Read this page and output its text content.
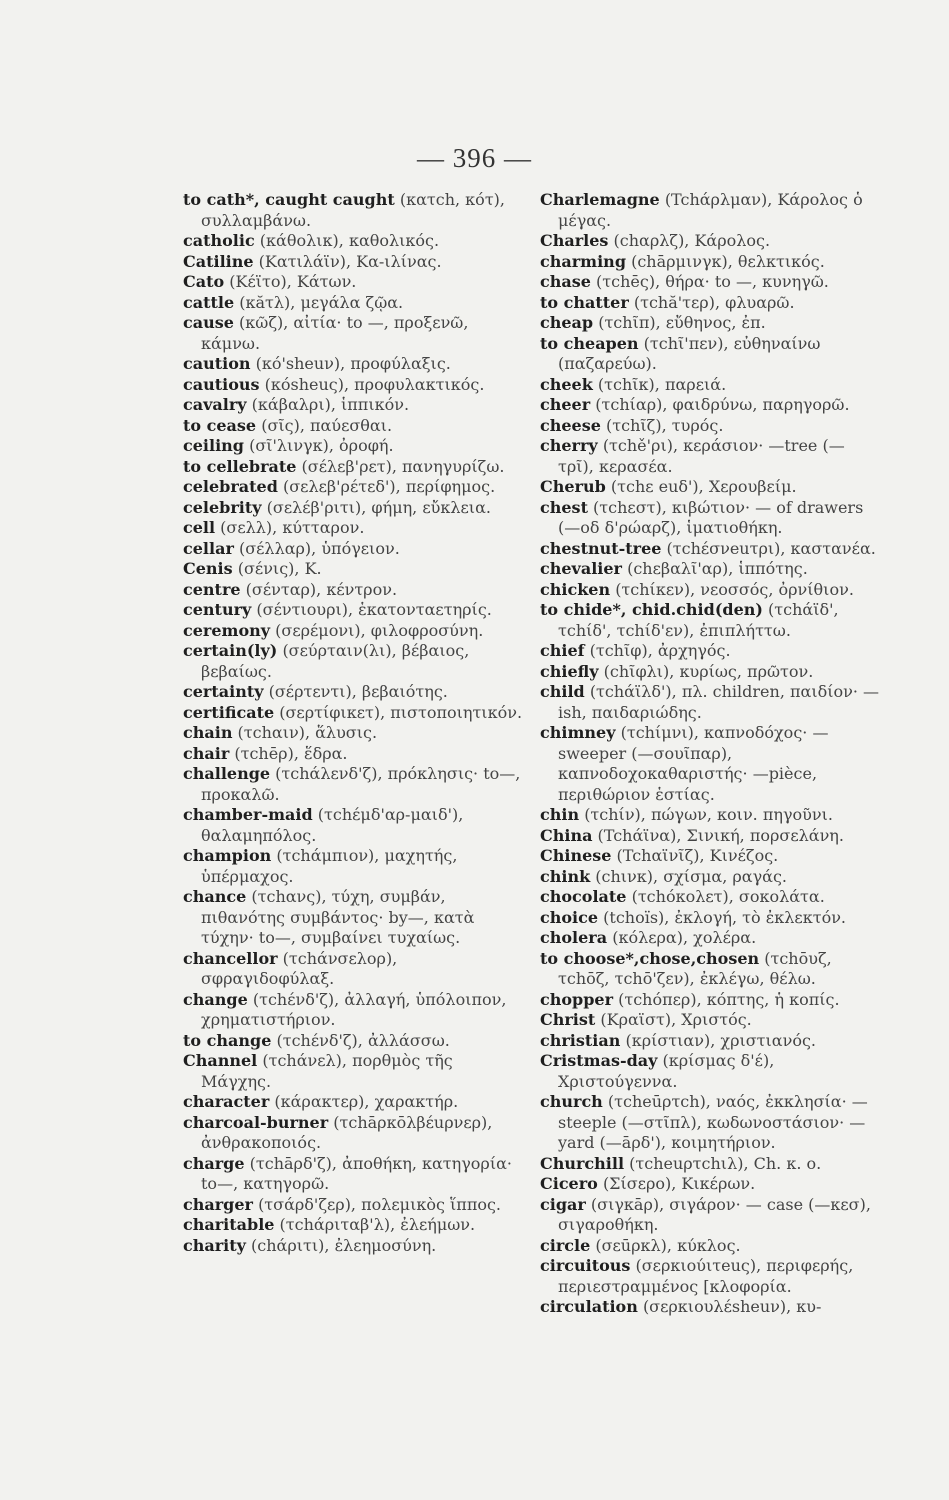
— 396 —
to cath*, caught caught (κατch, κότ), συλλαμβάνω.
catholic (κάθολικ), καθολικός.
Catiline (Κατιλάϊν), Κα-ιλίνας.
Cato (Κέϊτο), Κάτων.
cattle (κăτλ), μεγάλα ζῷα.
cause (κῶζ), αἰτία· to —, προξενῶ, κάμνω.
caution (κό'sheuν), προφύλαξις.
cautious (κόsheuς), προφυλακτικός.
cavalry (κάβαλρι), ἱππικόν.
to cease (σῖς), παύεσθαι.
ceiling (σῖ'λινγκ), ὀροφή.
to cellebrate (σέλεβ'ρετ), πανηγυρίζω.
celebrated (σελεβ'ρέτεδ'), περίφημος.
celebrity (σελέβ'ριτι), φήμη, εὔκλεια.
cell (σελλ), κύτταρον.
cellar (σέλλαρ), ὑπόγειον.
Cenis (σένις), Κ.
centre (σένταρ), κέντρον.
century (σέντιουρι), ἑκατονταετηρίς.
ceremony (σερέμονι), φιλοφροσύνη.
certain(ly) (σεύρταιν(λι), βέβαιος, βεβαίως.
certainty (σέρτεντι), βεβαιότης.
certificate (σερτίφικετ), πιστοποιητικόν.
chain (τchαιν), ἅλυσις.
chair (τchēρ), ἕδρα.
challenge (τchάλενδ'ζ), πρόκλησις· to—, προκαλῶ.
chamber-maid (τchέμδ'αρ-μαιδ'), θαλαμηπόλος.
champion (τchάμπιον), μαχητής, ὑπέρμαχος.
chance (τchανς), τύχη, συμβάν, πιθανότης συμβάντος· by—, κατὰ τύχην· to—, συμβαίνει τυχαίως.
chancellor (τchάνσελορ), σφραγιδοφύλαξ.
change (τchένδ'ζ), ἀλλαγή, ὑπόλοιπον, χρηματιστήριον.
to change (τchένδ'ζ), ἀλλάσσω.
Channel (τchάνελ), πορθμὸς τῆς Μάγχης.
character (κάρακτερ), χαρακτήρ.
charcoal-burner (τchāρκōλβέuρνερ), ἀνθρακοποιός.
charge (τchāρδ'ζ), ἀποθήκη, κατηγορία· to—, κατηγορῶ.
charger (τσάρδ'ζερ), πολεμικὸς ἵππος.
charitable (τchάριταβ'λ), ἐλεήμων.
charity (chάριτι), ἐλεημοσύνη.
Charlemagne (Tchάρλμαν), Κάρολος ὁ μέγας.
Charles (chαρλζ), Κάρολος.
charming (chāρμινγκ), θελκτικός.
chase (τchēς), θήρα· to —, κυνηγῶ.
to chatter (τchă'τερ), φλυαρῶ.
cheap (τchῖπ), εὔθηνος, ἐπ.
to cheapen (τchῖ'πεν), εὐθηναίνω (παζαρεύω).
cheek (τchῖκ), παρειά.
cheer (τchίαρ), φαιδρύνω, παρηγορῶ.
cheese (τchῖζ), τυρός.
cherry (τchě'ρι), κεράσιον· —tree (—τρῖ), κερασέα.
Cherub (τchε euδ'), Χερουβείμ.
chest (τchεστ), κιβώτιον· — of drawers (—οδ δ'ρώαρζ), ἱματιοθήκη.
chestnut-tree (τchέσνeuτρι), καστανέα.
chevalier (chεβαλῖ'αρ), ἱππότης.
chicken (τchίκεν), νεοσσός, ὀρνίθιον.
to chide*, chid.chid(den) (τchάϊδ', τchίδ', τchίδ'εν), ἐπιπλήττω.
chief (τchῖφ), ἀρχηγός.
chiefly (chῖφλι), κυρίως, πρῶτον.
child (τchάϊλδ'), πλ. children, παιδίον· —ish, παιδαριώδης.
chimney (τchίμνι), καπνοδόχος· — sweeper (—σουῖπαρ), καπνοδοχοκαθαριστής· —pièce, περιθώριον ἑστίας.
chin (τchίν), πώγων, κοιν. πηγοῦνι.
China (Tchάϊνα), Σινική, πορσελάνη.
Chinese (Tchαϊνῖζ), Κινέζος.
chink (chινκ), σχίσμα, ραγάς.
chocolate (τchόκολετ), σοκολάτα.
choice (tchoïs), ἐκλογή, τὸ ἐκλεκτόν.
cholera (κόλερα), χολέρα.
to choose*,chose,chosen (τchōυζ, τchōζ, τchō'ζεν), ἐκλέγω, θέλω.
chopper (τchόπερ), κόπτης, ἡ κοπίς.
Christ (Κραϊστ), Χριστός.
christian (κρίστιαν), χριστιανός.
Cristmas-day (κρίσμας δ'έ), Χριστούγεννα.
church (τcheūρτch), ναός, ἐκκλησία· —steeple (—στῖπλ), κωδωνοστάσιον· —yard (—āρδ'), κοιμητήριον.
Churchill (τcheuρτchιλ), Ch. κ. ο.
Cicero (Σίσερο), Κικέρων.
cigar (σιγκāρ), σιγάρον· — case (—κεσ), σιγαροθήκη.
circle (σεūρκλ), κύκλος.
circuitous (σερκιούιτeuς), περιφερής, περιεστραμμένος [κλοφορία.
circulation (σερκιουλέsheuν), κυ-
